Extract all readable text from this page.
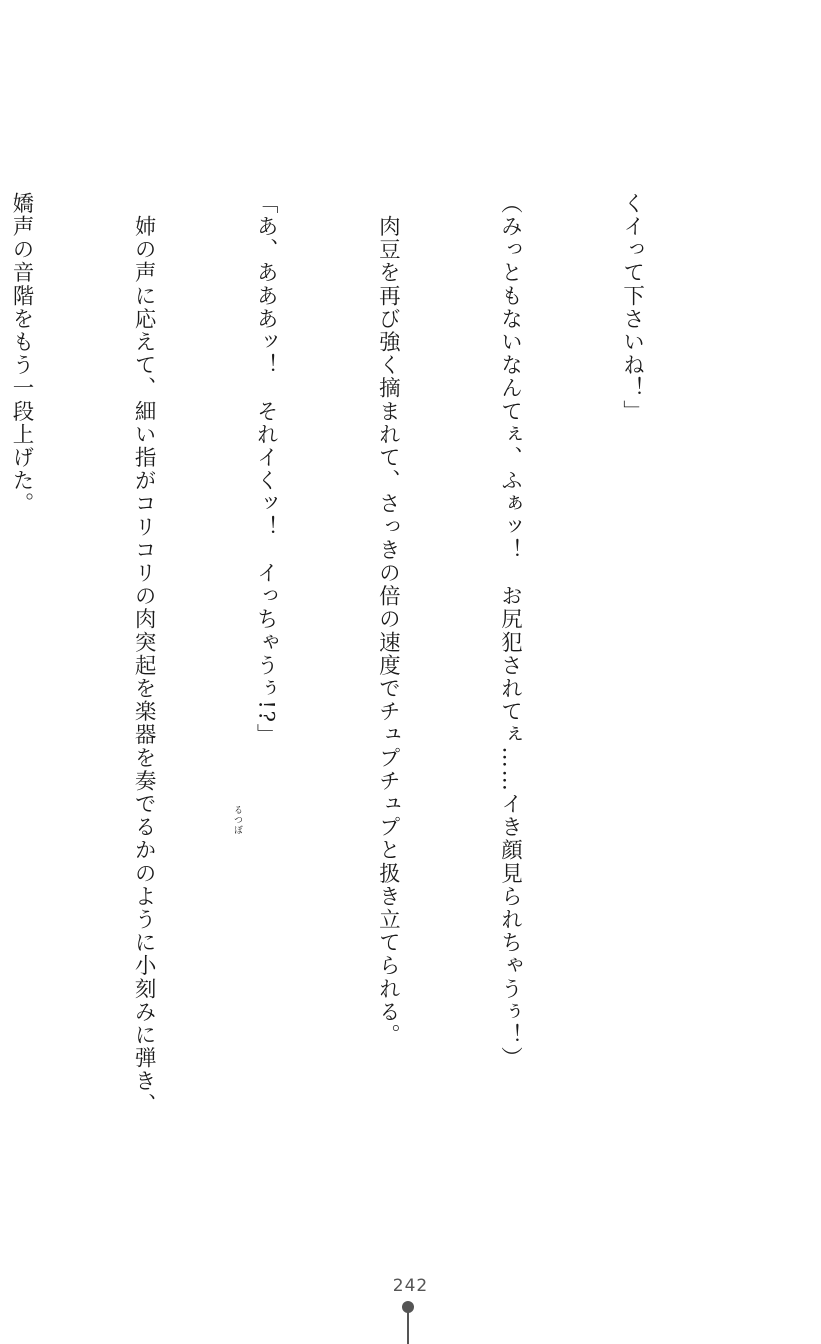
くイって下さいね！」

（みっともないなんてぇ、ふぁッ！　お尻犯されてぇ……イき顔見られちゃうぅ！）

　肉豆を再び強く摘まれて、さっきの倍の速度でチュプチュプと扱き立てられる。

「あ、あああッ！　それイくッ！　イっちゃうぅ!?」

　姉の声に応えて、細い指がコリコリの肉突起を楽器を奏でるかのように小刻みに弾き、

嬌声の音階をもう一段上げた。

るつぼ
242
